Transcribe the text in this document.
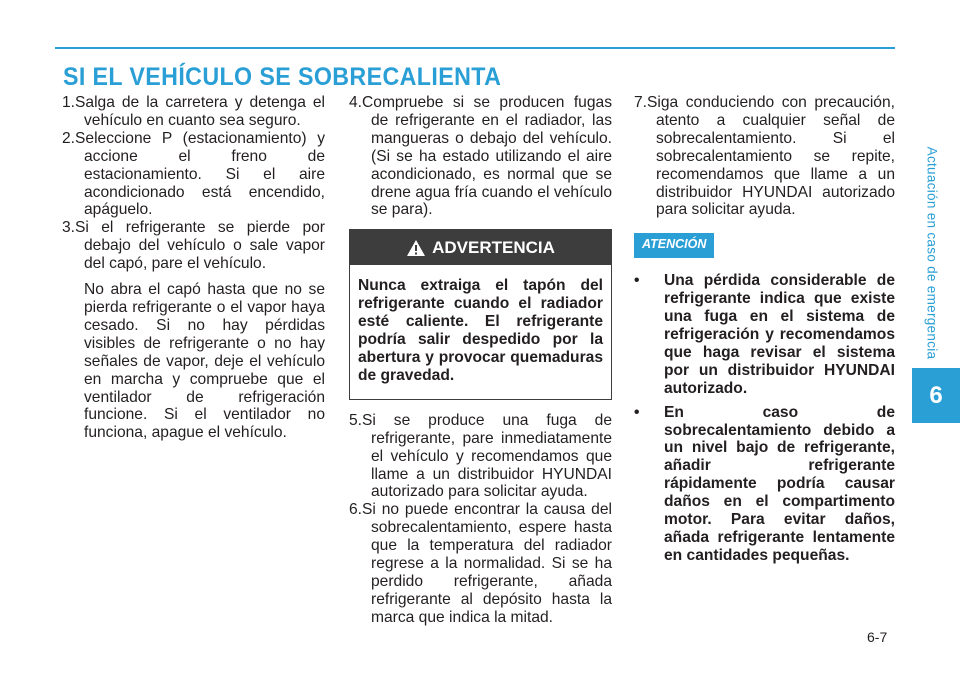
SI EL VEHÍCULO SE SOBRECALIENTA

1.Salga de la carretera y detenga el vehículo en cuanto sea seguro.

2.Seleccione P (estacionamiento) y accione el freno de estacionamiento. Si el aire acondicionado está encendido, apáguelo.

3.Si el refrigerante se pierde por debajo del vehículo o sale vapor del capó, pare el vehículo.

No abra el capó hasta que no se pierda refrigerante o el vapor haya cesado. Si no hay pérdidas visibles de refrigerante o no hay señales de vapor, deje el vehículo en marcha y compruebe que el ventilador de refrigeración funcione. Si el ventilador no funciona, apague el vehículo.

4.Compruebe si se producen fugas de refrigerante en el radiador, las mangueras o debajo del vehículo. (Si se ha estado utilizando el aire acondicionado, es normal que se drene agua fría cuando el vehículo se para).

ADVERTENCIA
Nunca extraiga el tapón del refrigerante cuando el radiador esté caliente. El refrigerante podría salir despedido por la abertura y provocar quemaduras de gravedad.

5.Si se produce una fuga de refrigerante, pare inmediatamente el vehículo y recomendamos que llame a un distribuidor HYUNDAI autorizado para solicitar ayuda.

6.Si no puede encontrar la causa del sobrecalentamiento, espere hasta que la temperatura del radiador regrese a la normalidad. Si se ha perdido refrigerante, añada refrigerante al depósito hasta la marca que indica la mitad.

7.Siga conduciendo con precaución, atento a cualquier señal de sobrecalentamiento. Si el sobrecalentamiento se repite, recomendamos que llame a un distribuidor HYUNDAI autorizado para solicitar ayuda.

ATENCIÓN
•	Una pérdida considerable de refrigerante indica que existe una fuga en el sistema de refrigeración y recomendamos que haga revisar el sistema por un distribuidor HYUNDAI autorizado.
•	En caso de sobrecalentamiento debido a un nivel bajo de refrigerante, añadir refrigerante rápidamente podría causar daños en el compartimento motor. Para evitar daños, añada refrigerante lentamente en cantidades pequeñas.
Actuación en caso de emergencia
6
6-7
